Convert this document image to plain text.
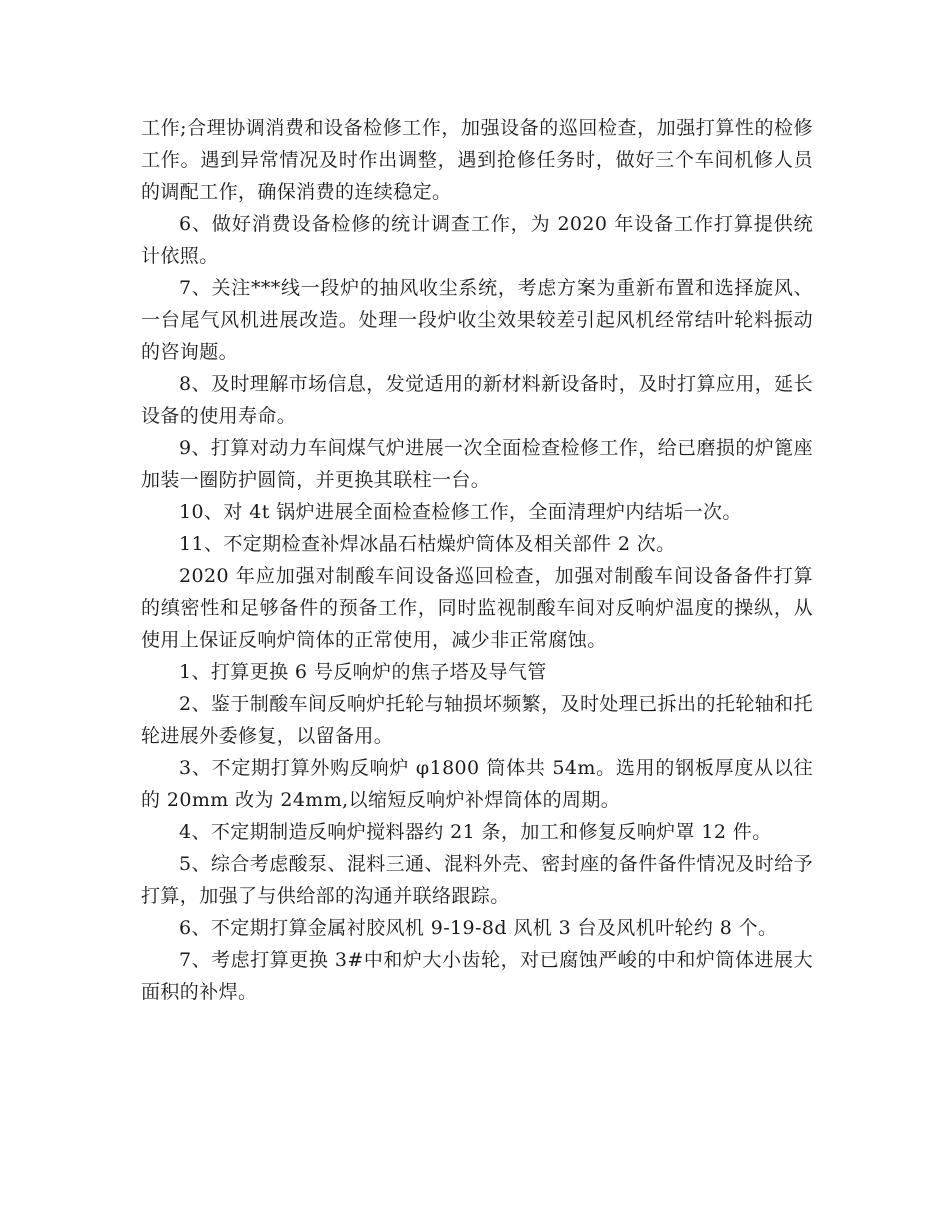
工作;合理协调消费和设备检修工作，加强设备的巡回检查，加强打算性的检修工作。遇到异常情况及时作出调整，遇到抢修任务时，做好三个车间机修人员的调配工作，确保消费的连续稳定。

6、做好消费设备检修的统计调查工作，为 2020 年设备工作打算提供统计依照。

7、关注***线一段炉的抽风收尘系统，考虑方案为重新布置和选择旋风、一台尾气风机进展改造。处理一段炉收尘效果较差引起风机经常结叶轮料振动的咨询题。

8、及时理解市场信息，发觉适用的新材料新设备时，及时打算应用，延长设备的使用寿命。

9、打算对动力车间煤气炉进展一次全面检查检修工作，给已磨损的炉篦座加装一圈防护圆筒，并更换其联柱一台。

10、对 4t 锅炉进展全面检查检修工作，全面清理炉内结垢一次。

11、不定期检查补焊冰晶石枯燥炉筒体及相关部件 2 次。

2020 年应加强对制酸车间设备巡回检查，加强对制酸车间设备备件打算的缜密性和足够备件的预备工作，同时监视制酸车间对反响炉温度的操纵，从使用上保证反响炉筒体的正常使用，减少非正常腐蚀。

1、打算更换 6 号反响炉的焦子塔及导气管

2、鉴于制酸车间反响炉托轮与轴损坏频繁，及时处理已拆出的托轮轴和托轮进展外委修复，以留备用。

3、不定期打算外购反响炉 φ1800 筒体共 54m。选用的钢板厚度从以往的 20mm 改为 24mm,以缩短反响炉补焊筒体的周期。

4、不定期制造反响炉搅料器约 21 条，加工和修复反响炉罩 12 件。

5、综合考虑酸泵、混料三通、混料外壳、密封座的备件备件情况及时给予打算，加强了与供给部的沟通并联络跟踪。

6、不定期打算金属衬胶风机 9-19-8d 风机 3 台及风机叶轮约 8 个。

7、考虑打算更换 3#中和炉大小齿轮，对已腐蚀严峻的中和炉筒体进展大面积的补焊。
